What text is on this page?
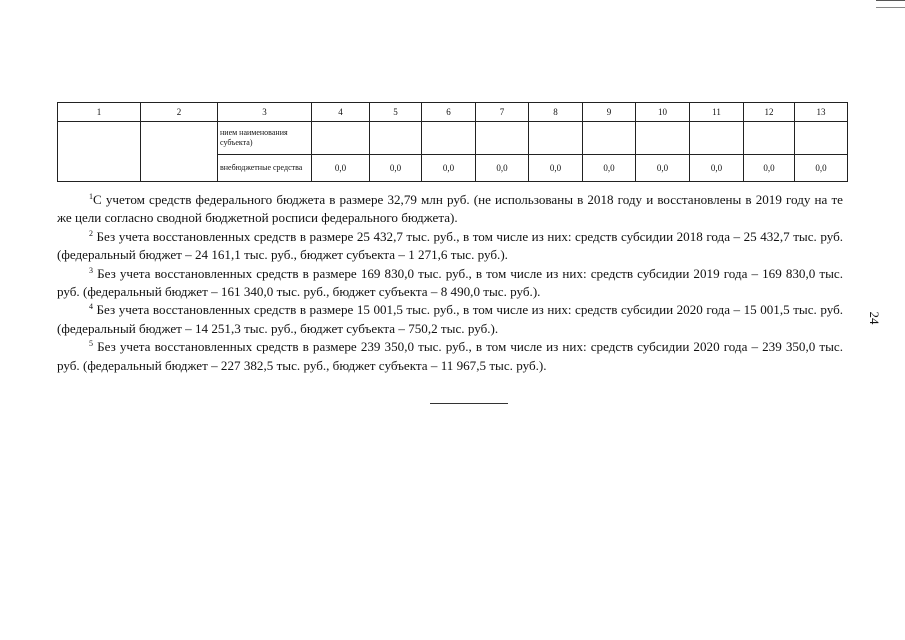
1	2	3	4	5	6	7	8	9	10	11	12	13
		нием наименования субъекта)										
		внебюджетные средства	0,0	0,0	0,0	0,0	0,0	0,0	0,0	0,0	0,0	0,0

$^1$С учетом средств федерального бюджета в размере 32,79 млн руб. (не использованы в 2018 году и восстановлены в 2019 году на те же цели согласно сводной бюджетной росписи федерального бюджета).

$^2$ Без учета восстановленных средств в размере 25 432,7 тыс. руб., в том числе из них: средств субсидии 2018 года – 25 432,7 тыс. руб. (федеральный бюджет – 24 161,1 тыс. руб., бюджет субъекта – 1 271,6 тыс. руб.).

$^3$ Без учета восстановленных средств в размере 169 830,0 тыс. руб., в том числе из них: средств субсидии 2019 года – 169 830,0 тыс. руб. (федеральный бюджет – 161 340,0 тыс. руб., бюджет субъекта – 8 490,0 тыс. руб.).

$^4$ Без учета восстановленных средств в размере 15 001,5 тыс. руб., в том числе из них: средств субсидии 2020 года – 15 001,5 тыс. руб. (федеральный бюджет – 14 251,3 тыс. руб., бюджет субъекта – 750,2 тыс. руб.).

$^5$ Без учета восстановленных средств в размере 239 350,0 тыс. руб., в том числе из них: средств субсидии 2020 года – 239 350,0 тыс. руб. (федеральный бюджет – 227 382,5 тыс. руб., бюджет субъекта – 11 967,5 тыс. руб.).

24
